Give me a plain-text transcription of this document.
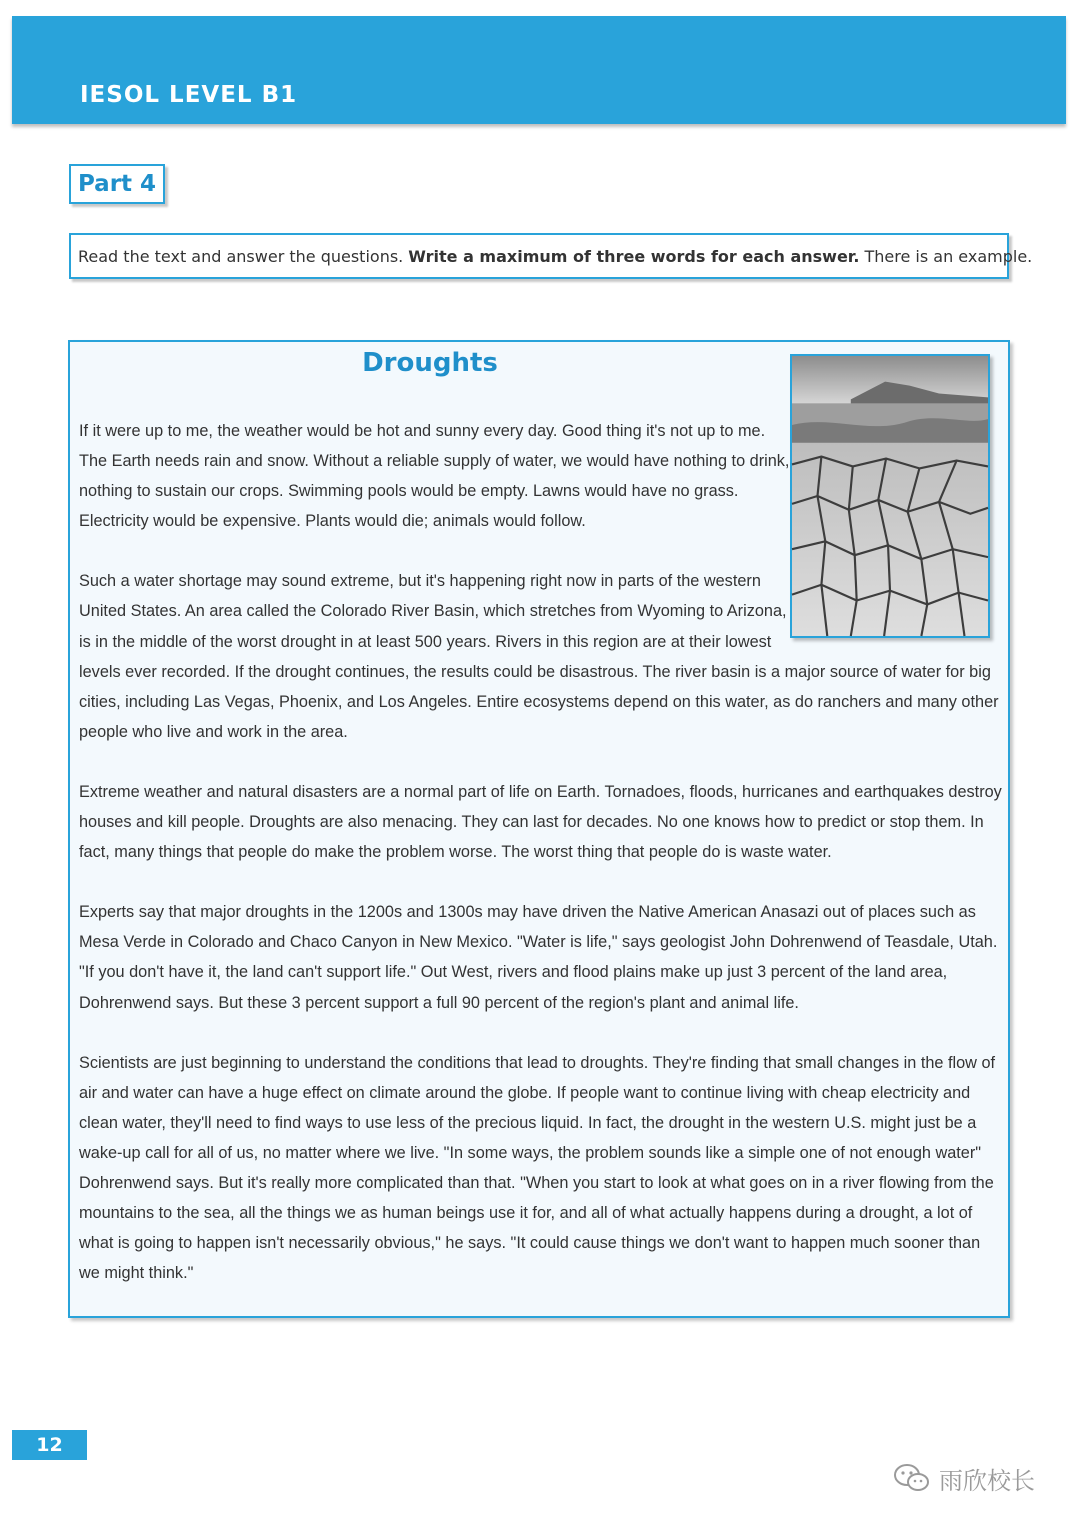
IESOL LEVEL B1
Part 4
Read the text and answer the questions. Write a maximum of three words for each answer. There is an example.
Droughts

If it were up to me, the weather would be hot and sunny every day. Good thing it's not up to me. The Earth needs rain and snow. Without a reliable supply of water, we would have nothing to drink, nothing to sustain our crops. Swimming pools would be empty. Lawns would have no grass. Electricity would be expensive. Plants would die; animals would follow.

Such a water shortage may sound extreme, but it's happening right now in parts of the western United States. An area called the Colorado River Basin, which stretches from Wyoming to Arizona, is in the middle of the worst drought in at least 500 years. Rivers in this region are at their lowest levels ever recorded. If the drought continues, the results could be disastrous. The river basin is a major source of water for big cities, including Las Vegas, Phoenix, and Los Angeles. Entire ecosystems depend on this water, as do ranchers and many other people who live and work in the area.

Extreme weather and natural disasters are a normal part of life on Earth. Tornadoes, floods, hurricanes and earthquakes destroy houses and kill people. Droughts are also menacing. They can last for decades. No one knows how to predict or stop them. In fact, many things that people do make the problem worse. The worst thing that people do is waste water.

Experts say that major droughts in the 1200s and 1300s may have driven the Native American Anasazi out of places such as Mesa Verde in Colorado and Chaco Canyon in New Mexico. "Water is life," says geologist John Dohrenwend of Teasdale, Utah. "If you don't have it, the land can't support life." Out West, rivers and flood plains make up just 3 percent of the land area, Dohrenwend says. But these 3 percent support a full 90 percent of the region's plant and animal life.

Scientists are just beginning to understand the conditions that lead to droughts. They're finding that small changes in the flow of air and water can have a huge effect on climate around the globe. If people want to continue living with cheap electricity and clean water, they'll need to find ways to use less of the precious liquid. In fact, the drought in the western U.S. might just be a wake-up call for all of us, no matter where we live. "In some ways, the problem sounds like a simple one of not enough water" Dohrenwend says. But it's really more complicated than that. "When you start to look at what goes on in a river flowing from the mountains to the sea, all the things we as human beings use it for, and all of what actually happens during a drought, a lot of what is going to happen isn't necessarily obvious," he says. "It could cause things we don't want to happen much sooner than we might think."

12
雨欣校长
